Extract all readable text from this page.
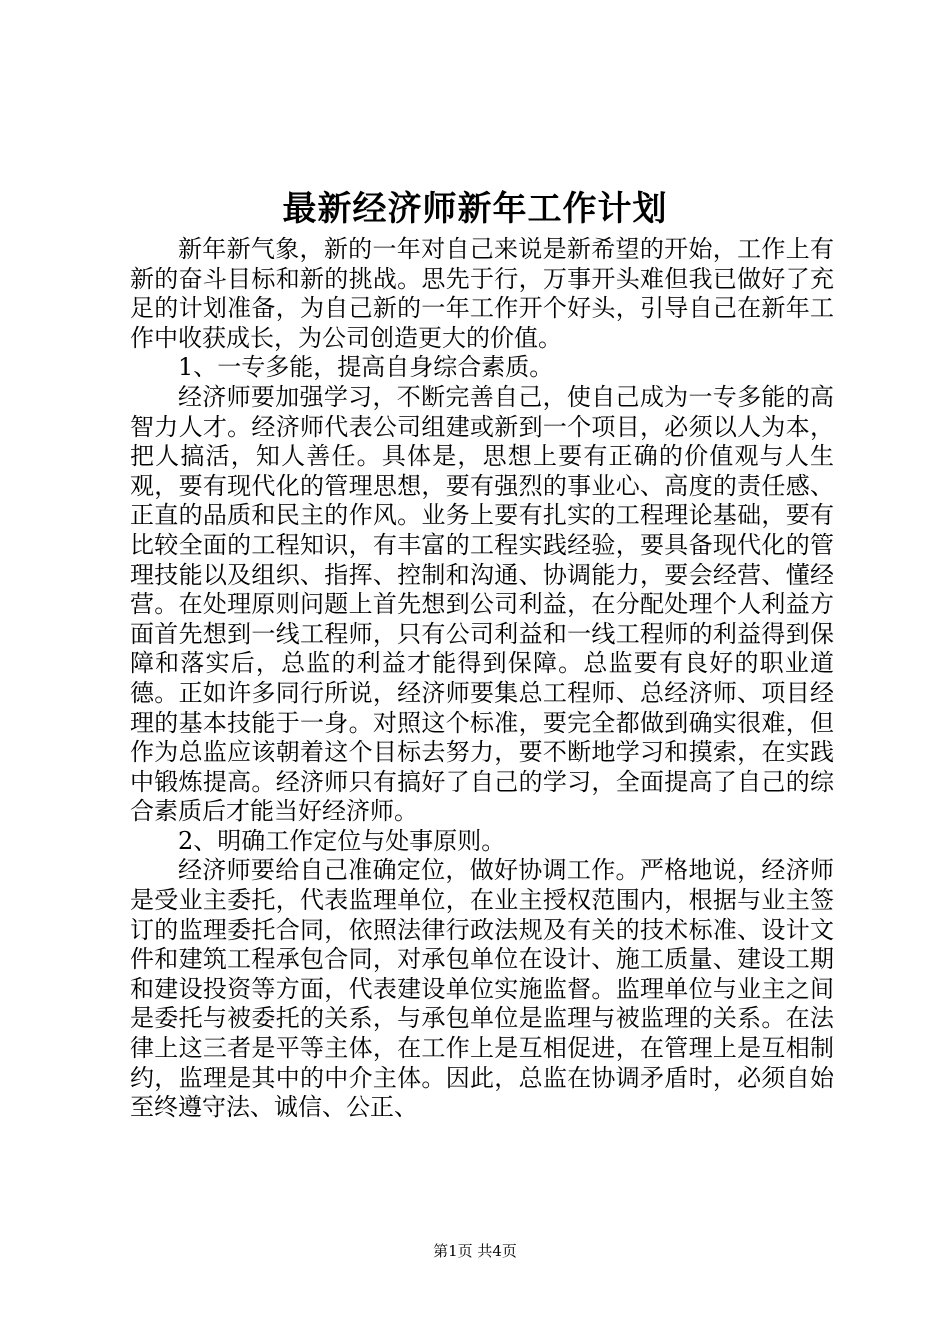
最新经济师新年工作计划

新年新气象，新的一年对自己来说是新希望的开始，工作上有新的奋斗目标和新的挑战。思先于行，万事开头难但我已做好了充足的计划准备，为自己新的一年工作开个好头，引导自己在新年工作中收获成长，为公司创造更大的价值。

1、一专多能，提高自身综合素质。

经济师要加强学习，不断完善自己，使自己成为一专多能的高智力人才。经济师代表公司组建或新到一个项目，必须以人为本，把人搞活，知人善任。具体是，思想上要有正确的价值观与人生观，要有现代化的管理思想，要有强烈的事业心、高度的责任感、正直的品质和民主的作风。业务上要有扎实的工程理论基础，要有比较全面的工程知识，有丰富的工程实践经验，要具备现代化的管理技能以及组织、指挥、控制和沟通、协调能力，要会经营、懂经营。在处理原则问题上首先想到公司利益，在分配处理个人利益方面首先想到一线工程师，只有公司利益和一线工程师的利益得到保障和落实后，总监的利益才能得到保障。总监要有良好的职业道德。正如许多同行所说，经济师要集总工程师、总经济师、项目经理的基本技能于一身。对照这个标准，要完全都做到确实很难，但作为总监应该朝着这个目标去努力，要不断地学习和摸索，在实践中锻炼提高。经济师只有搞好了自己的学习，全面提高了自己的综合素质后才能当好经济师。

2、明确工作定位与处事原则。

经济师要给自己准确定位，做好协调工作。严格地说，经济师是受业主委托，代表监理单位，在业主授权范围内，根据与业主签订的监理委托合同，依照法律行政法规及有关的技术标准、设计文件和建筑工程承包合同，对承包单位在设计、施工质量、建设工期和建设投资等方面，代表建设单位实施监督。监理单位与业主之间是委托与被委托的关系，与承包单位是监理与被监理的关系。在法律上这三者是平等主体，在工作上是互相促进，在管理上是互相制约，监理是其中的中介主体。因此，总监在协调矛盾时，必须自始至终遵守法、诚信、公正、

第1页 共4页
